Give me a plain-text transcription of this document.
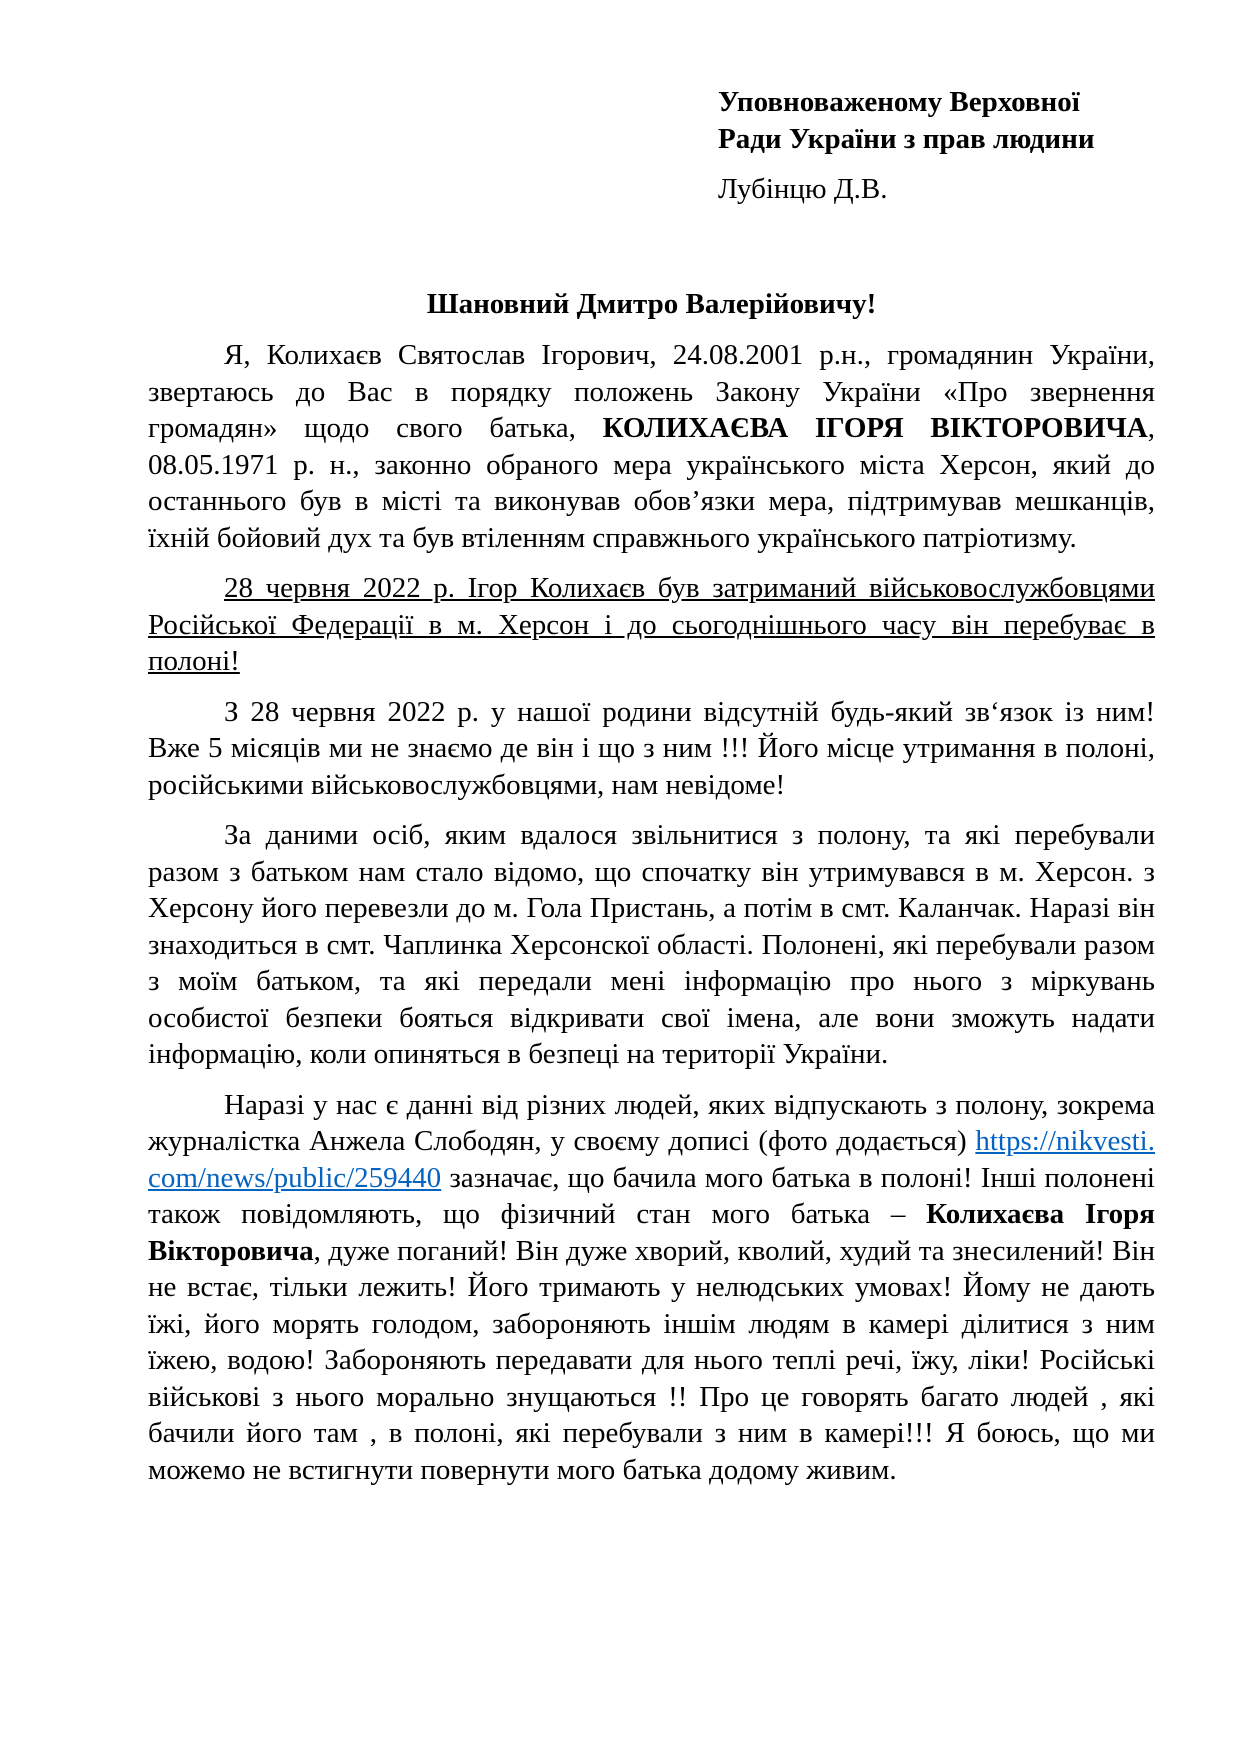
Уповноваженому Верховної
Ради України з прав людини
Лубінцю Д.В.

Шановний Дмитро Валерійовичу!

Я, Колихаєв Святослав Ігорович, 24.08.2001 р.н., громадянин України, звертаюсь до Вас в порядку положень Закону України «Про звернення громадян» щодо свого батька, КОЛИХАЄВА ІГОРЯ ВІКТОРОВИЧА, 08.05.1971 р. н., законно обраного мера українського міста Херсон, який до останнього був в місті та виконував обов’язки мера, підтримував мешканців, їхній бойовий дух та був втіленням справжнього українського патріотизму.

28 червня 2022 р. Ігор Колихаєв був затриманий військовослужбовцями Російської Федерації в м. Херсон і до сьогоднішнього часу він перебуває в полоні!

З 28 червня 2022 р. у нашої родини відсутній будь-який зв‘язок із ним! Вже 5 місяців ми не знаємо де він і що з ним !!! Його місце утримання в полоні, російськими військовослужбовцями, нам невідоме!

За даними осіб, яким вдалося звільнитися з полону, та які перебували разом з батьком нам стало відомо, що спочатку він утримувався в м. Херсон. з Херсону його перевезли до м. Гола Пристань, а потім в смт. Каланчак. Наразі він знаходиться в смт. Чаплинка Херсонскої області. Полонені, які перебували разом з моїм батьком, та які передали мені інформацію про нього з міркувань особистої безпеки бояться відкривати свої імена, але вони зможуть надати інформацію, коли опиняться в безпеці на території України.

Наразі у нас є данні від різних людей, яких відпускають з полону, зокрема журналістка Анжела Слободян, у своєму дописі (фото додається) https://nikvesti.com/news/public/259440 зазначає, що бачила мого батька в полоні! Інші полонені також повідомляють, що фізичний стан мого батька – Колихаєва Ігоря Вікторовича, дуже поганий! Він дуже хворий, кволий, худий та знесилений! Він не встає, тільки лежить! Його тримають у нелюдських умовах! Йому не дають їжі, його морять голодом, забороняють іншім людям в камері ділитися з ним їжею, водою! Забороняють передавати для нього теплі речі, їжу, ліки! Російські військові з нього морально знущаються !! Про це говорять багато людей , які бачили його там , в полоні, які перебували з ним в камері!!! Я боюсь, що ми можемо не встигнути повернути мого батька додому живим.
